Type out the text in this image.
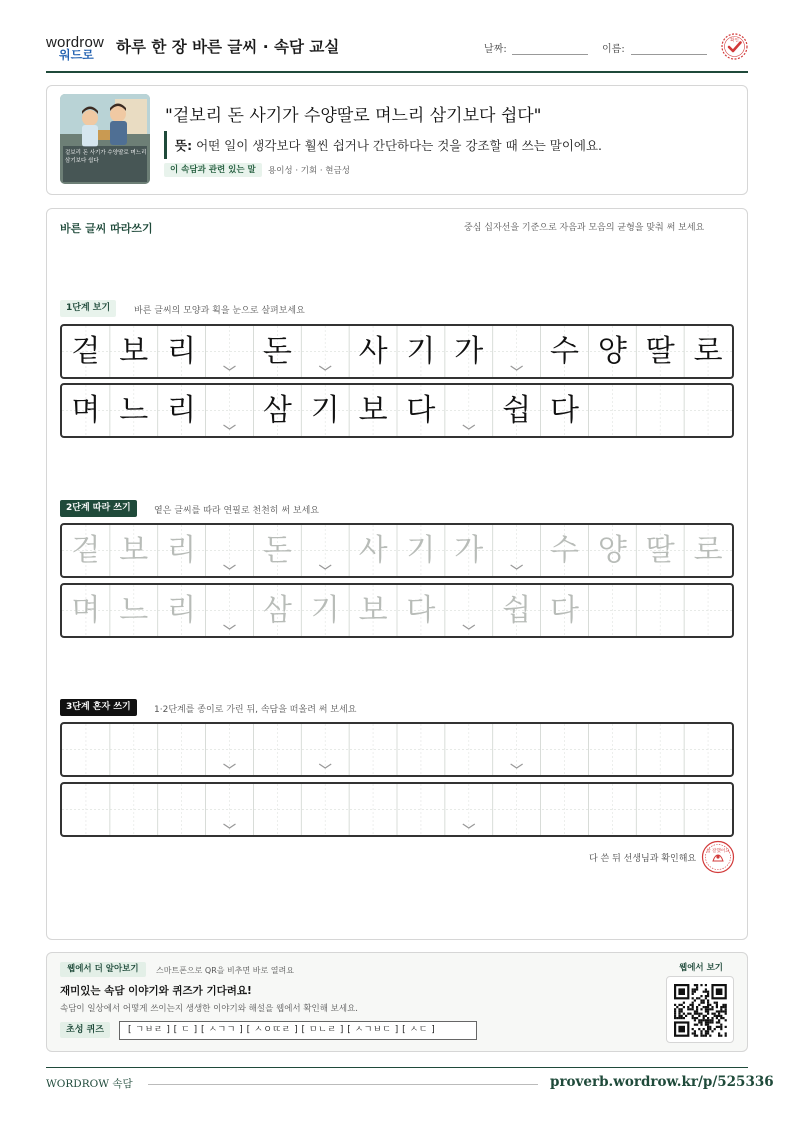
wordrow
워드로 하루 한 장 바른 글씨 · 속담 교실	날짜:	이름:
확인
겉보리 돈 사기가 수양딸로 며느리 삼기보다 쉽다
"겉보리 돈 사기가 수양딸로 며느리 삼기보다 쉽다"
뜻: 어떤 일이 생각보다 훨씬 쉽거나 간단하다는 것을 강조할 때 쓰는 말이에요.
이 속담과 관련 있는 말	용이성 · 기회 · 현금성
바른 글씨 따라쓰기	중심 십자선을 기준으로 자음과 모음의 균형을 맞춰 써 보세요
1단계 보기	바른 글씨의 모양과 획을 눈으로 살펴보세요
겉 보 리 돈 사 기 가 수 양 딸 로
며 느 리 삼 기 보 다 쉽 다
2단계 따라 쓰기	옅은 글씨를 따라 연필로 천천히 써 보세요
겉 보 리 돈 사 기 가 수 양 딸 로
며 느 리 삼 기 보 다 쉽 다
3단계 혼자 쓰기	1·2단계를 종이로 가린 뒤, 속담을 떠올려 써 보세요
다 쓴 뒤 선생님과 확인해요
참 잘했어요
웹에서 더 알아보기	스마트폰으로 QR을 비추면 바로 열려요
재미있는 속담 이야기와 퀴즈가 기다려요!
속담이 일상에서 어떻게 쓰이는지 생생한 이야기와 해설을 웹에서 확인해 보세요.
초성 퀴즈	[ ㄱㅂㄹ ] [ ㄷ ] [ ㅅㄱㄱ ] [ ㅅㅇㄸㄹ ] [ ㅁㄴㄹ ] [ ㅅㄱㅂㄷ ] [ ㅅㄷ ]
웹에서 보기
WORDROW 속담	proverb.wordrow.kr/p/525336
